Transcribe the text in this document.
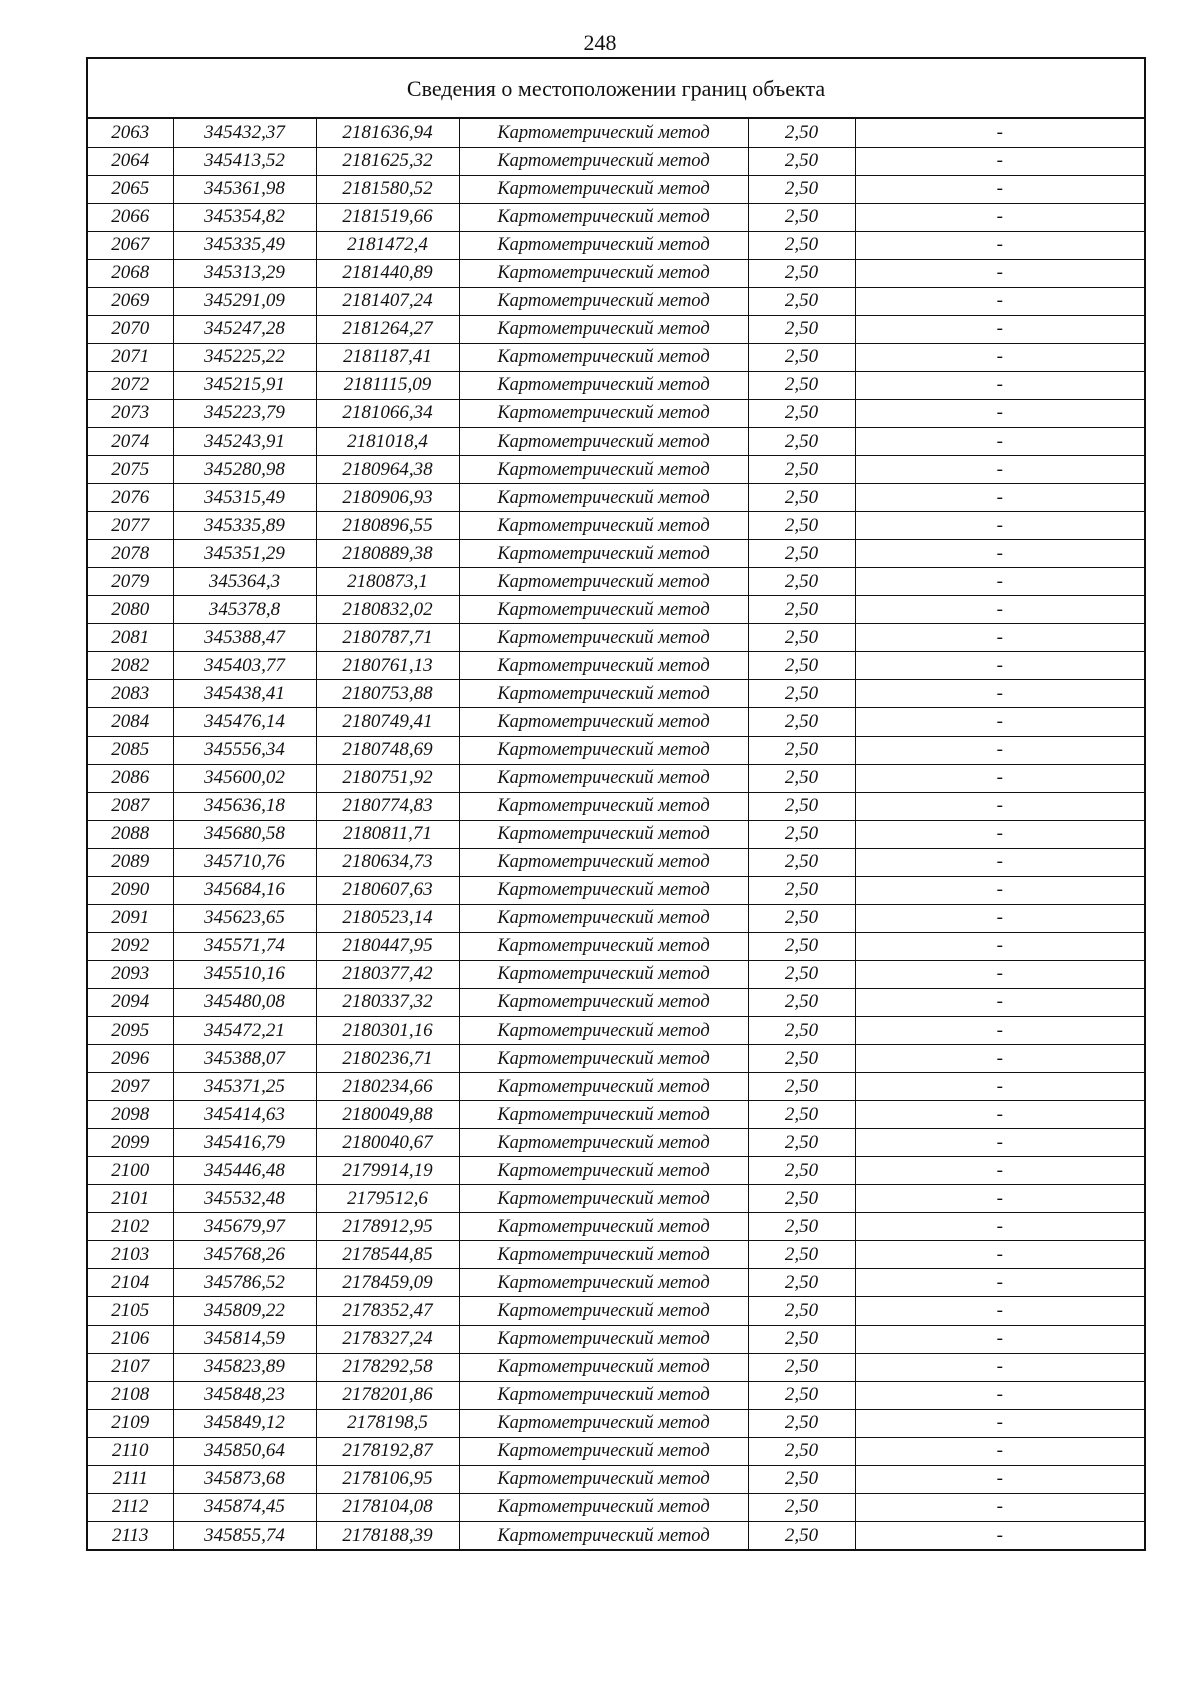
248
Сведения о местоположении границ объекта
2063	345432,37	2181636,94	Картометрический метод	2,50	-
2064	345413,52	2181625,32	Картометрический метод	2,50	-
2065	345361,98	2181580,52	Картометрический метод	2,50	-
2066	345354,82	2181519,66	Картометрический метод	2,50	-
2067	345335,49	2181472,4	Картометрический метод	2,50	-
2068	345313,29	2181440,89	Картометрический метод	2,50	-
2069	345291,09	2181407,24	Картометрический метод	2,50	-
2070	345247,28	2181264,27	Картометрический метод	2,50	-
2071	345225,22	2181187,41	Картометрический метод	2,50	-
2072	345215,91	2181115,09	Картометрический метод	2,50	-
2073	345223,79	2181066,34	Картометрический метод	2,50	-
2074	345243,91	2181018,4	Картометрический метод	2,50	-
2075	345280,98	2180964,38	Картометрический метод	2,50	-
2076	345315,49	2180906,93	Картометрический метод	2,50	-
2077	345335,89	2180896,55	Картометрический метод	2,50	-
2078	345351,29	2180889,38	Картометрический метод	2,50	-
2079	345364,3	2180873,1	Картометрический метод	2,50	-
2080	345378,8	2180832,02	Картометрический метод	2,50	-
2081	345388,47	2180787,71	Картометрический метод	2,50	-
2082	345403,77	2180761,13	Картометрический метод	2,50	-
2083	345438,41	2180753,88	Картометрический метод	2,50	-
2084	345476,14	2180749,41	Картометрический метод	2,50	-
2085	345556,34	2180748,69	Картометрический метод	2,50	-
2086	345600,02	2180751,92	Картометрический метод	2,50	-
2087	345636,18	2180774,83	Картометрический метод	2,50	-
2088	345680,58	2180811,71	Картометрический метод	2,50	-
2089	345710,76	2180634,73	Картометрический метод	2,50	-
2090	345684,16	2180607,63	Картометрический метод	2,50	-
2091	345623,65	2180523,14	Картометрический метод	2,50	-
2092	345571,74	2180447,95	Картометрический метод	2,50	-
2093	345510,16	2180377,42	Картометрический метод	2,50	-
2094	345480,08	2180337,32	Картометрический метод	2,50	-
2095	345472,21	2180301,16	Картометрический метод	2,50	-
2096	345388,07	2180236,71	Картометрический метод	2,50	-
2097	345371,25	2180234,66	Картометрический метод	2,50	-
2098	345414,63	2180049,88	Картометрический метод	2,50	-
2099	345416,79	2180040,67	Картометрический метод	2,50	-
2100	345446,48	2179914,19	Картометрический метод	2,50	-
2101	345532,48	2179512,6	Картометрический метод	2,50	-
2102	345679,97	2178912,95	Картометрический метод	2,50	-
2103	345768,26	2178544,85	Картометрический метод	2,50	-
2104	345786,52	2178459,09	Картометрический метод	2,50	-
2105	345809,22	2178352,47	Картометрический метод	2,50	-
2106	345814,59	2178327,24	Картометрический метод	2,50	-
2107	345823,89	2178292,58	Картометрический метод	2,50	-
2108	345848,23	2178201,86	Картометрический метод	2,50	-
2109	345849,12	2178198,5	Картометрический метод	2,50	-
2110	345850,64	2178192,87	Картометрический метод	2,50	-
2111	345873,68	2178106,95	Картометрический метод	2,50	-
2112	345874,45	2178104,08	Картометрический метод	2,50	-
2113	345855,74	2178188,39	Картометрический метод	2,50	-
